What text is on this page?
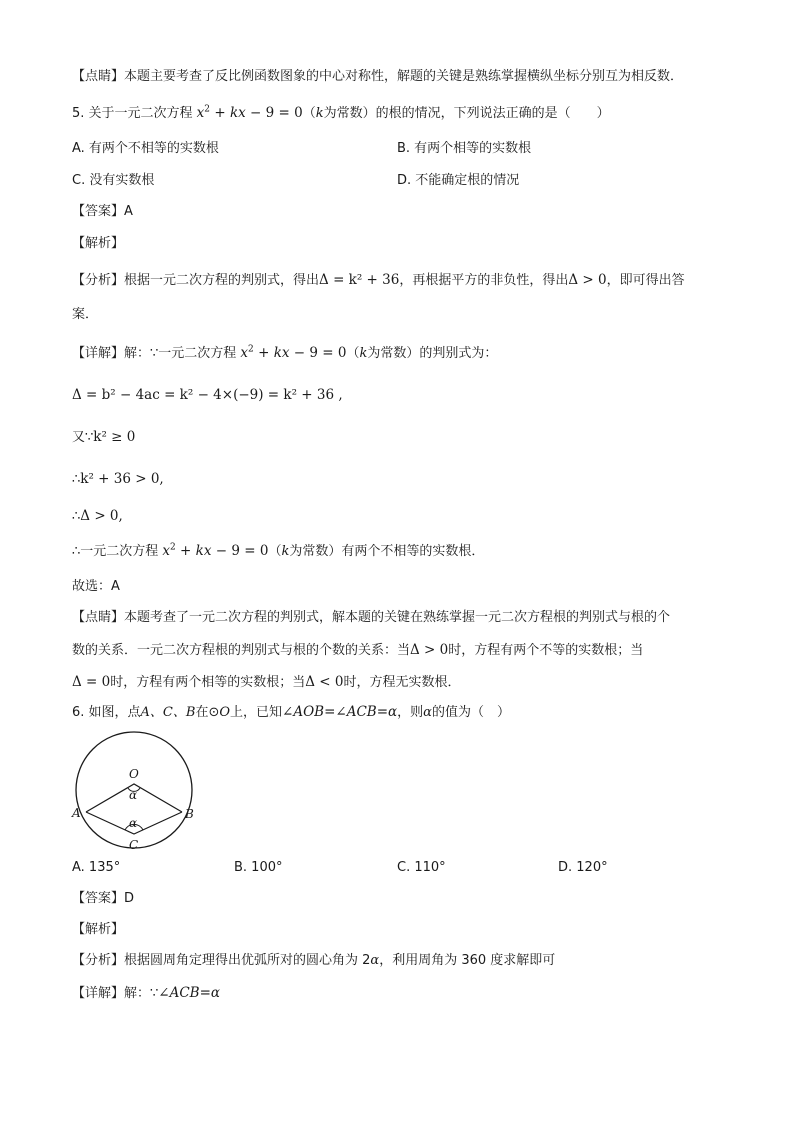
【点睛】本题主要考查了反比例函数图象的中心对称性，解题的关键是熟练掌握横纵坐标分别互为相反数．
5. 关于一元二次方程 $x^2$ + kx − 9 = 0（k为常数）的根的情况，下列说法正确的是（　　）
A. 有两个不相等的实数根	B. 有两个相等的实数根
C. 没有实数根	D. 不能确定根的情况
【答案】A
【解析】
【分析】根据一元二次方程的判别式，得出Δ = k² + 36，再根据平方的非负性，得出Δ > 0，即可得出答
案．
【详解】解：∵一元二次方程 $x^2$ + kx − 9 = 0（k为常数）的判别式为：
Δ = b² − 4ac = k² − 4×(−9) = k² + 36 ,
又∵k² ≥ 0
∴k² + 36 > 0,
∴Δ > 0,
∴一元二次方程 $x^2$ + kx − 9 = 0（k为常数）有两个不相等的实数根．
故选：A
【点睛】本题考查了一元二次方程的判别式，解本题的关键在熟练掌握一元二次方程根的判别式与根的个
数的关系．一元二次方程根的判别式与根的个数的关系：当Δ > 0时，方程有两个不等的实数根；当
Δ = 0时，方程有两个相等的实数根；当Δ < 0时，方程无实数根．
6. 如图，点A、C、B在⊙O上，已知∠AOB=∠ACB=α，则α的值为（　）
O
α
A	B
α
C
A. 135°	B. 100°	C. 110°	D. 120°
【答案】D
【解析】
【分析】根据圆周角定理得出优弧所对的圆心角为 2α，利用周角为 360 度求解即可
【详解】解：∵∠ACB=α
